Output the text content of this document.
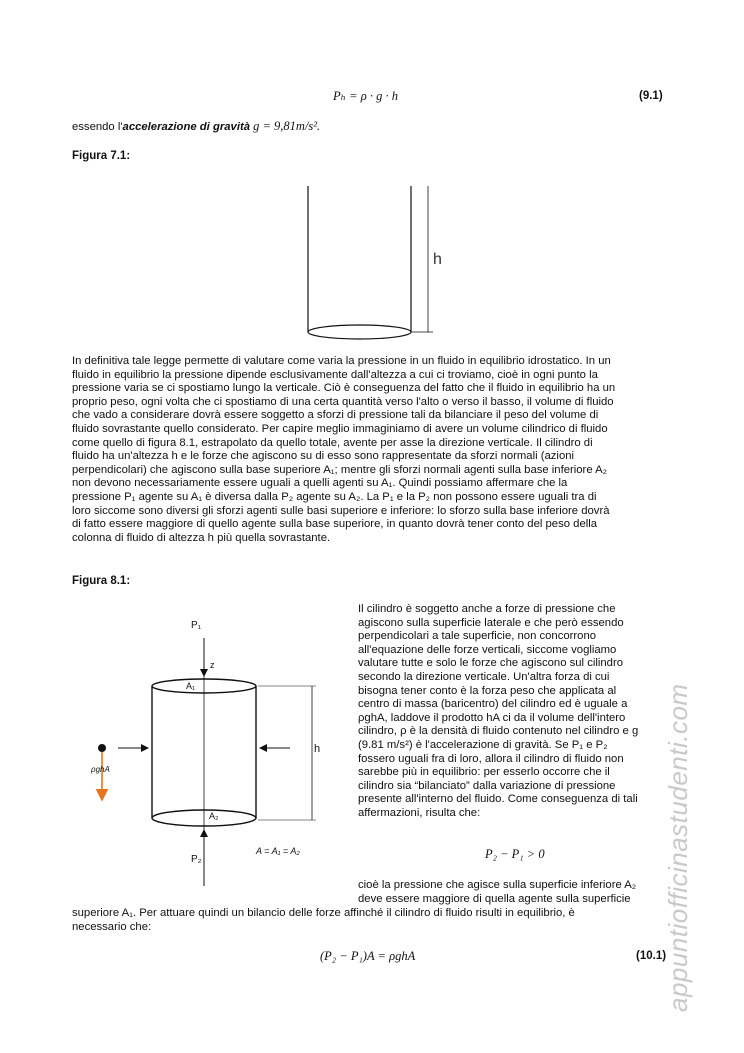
Pₕ = ρ · g · h	(9.1)
essendo l'accelerazione di gravità g = 9,81m/s².
Figura 7.1:
h
In definitiva tale legge permette di valutare come varia la pressione in un fluido in equilibrio idrostatico. In un
fluido in equilibrio la pressione dipende esclusivamente dall'altezza a cui ci troviamo, cioè in ogni punto la
pressione varia se ci spostiamo lungo la verticale. Ciò è conseguenza del fatto che il fluido in equilibrio ha un
proprio peso, ogni volta che ci spostiamo di una certa quantità verso l'alto o verso il basso, il volume di fluido
che vado a considerare dovrà essere soggetto a sforzi di pressione tali da bilanciare il peso del volume di
fluido sovrastante quello considerato. Per capire meglio immaginiamo di avere un volume cilindrico di fluido
come quello di figura 8.1, estrapolato da quello totale, avente per asse la direzione verticale. Il cilindro di
fluido ha un'altezza h e le forze che agiscono su di esso sono rappresentate da sforzi normali (azioni
perpendicolari) che agiscono sulla base superiore A₁; mentre gli sforzi normali agenti sulla base inferiore A₂
non devono necessariamente essere uguali a quelli agenti su A₁. Quindi possiamo affermare che la
pressione P₁ agente su A₁ è diversa dalla P₂ agente su A₂. La P₁ e la P₂ non possono essere uguali tra di
loro siccome sono diversi gli sforzi agenti sulle basi superiore e inferiore: lo sforzo sulla base inferiore dovrà
di fatto essere maggiore di quello agente sulla base superiore, in quanto dovrà tener conto del peso della
colonna di fluido di altezza h più quella sovrastante.
Figura 8.1:
P₁
z
A₁
A₂
h
ρghA
P₂
A = A₁ = A₂
Il cilindro è soggetto anche a forze di pressione che
agiscono sulla superficie laterale e che però essendo
perpendicolari a tale superficie, non concorrono
all'equazione delle forze verticali, siccome vogliamo
valutare tutte e solo le forze che agiscono sul cilindro
secondo la direzione verticale. Un'altra forza di cui
bisogna tener conto è la forza peso che applicata al
centro di massa (baricentro) del cilindro ed è uguale a
ρghA, laddove il prodotto hA ci da il volume dell'intero
cilindro, ρ è la densità di fluido contenuto nel cilindro e g
(9.81 m/s²) è l'accelerazione di gravità. Se P₁ e P₂
fossero uguali fra di loro, allora il cilindro di fluido non
sarebbe più in equilibrio: per esserlo occorre che il
cilindro sia “bilanciato” dalla variazione di pressione
presente all'interno del fluido. Come conseguenza di tali
affermazioni, risulta che:
P₂ − P₁ > 0
cioè la pressione che agisce sulla superficie inferiore A₂
deve essere maggiore di quella agente sulla superficie
superiore A₁. Per attuare quindi un bilancio delle forze affinché il cilindro di fluido risulti in equilibrio, è
necessario che:
(P₂ − P₁)A = ρghA	(10.1)
appuntiofficinastudenti.com
